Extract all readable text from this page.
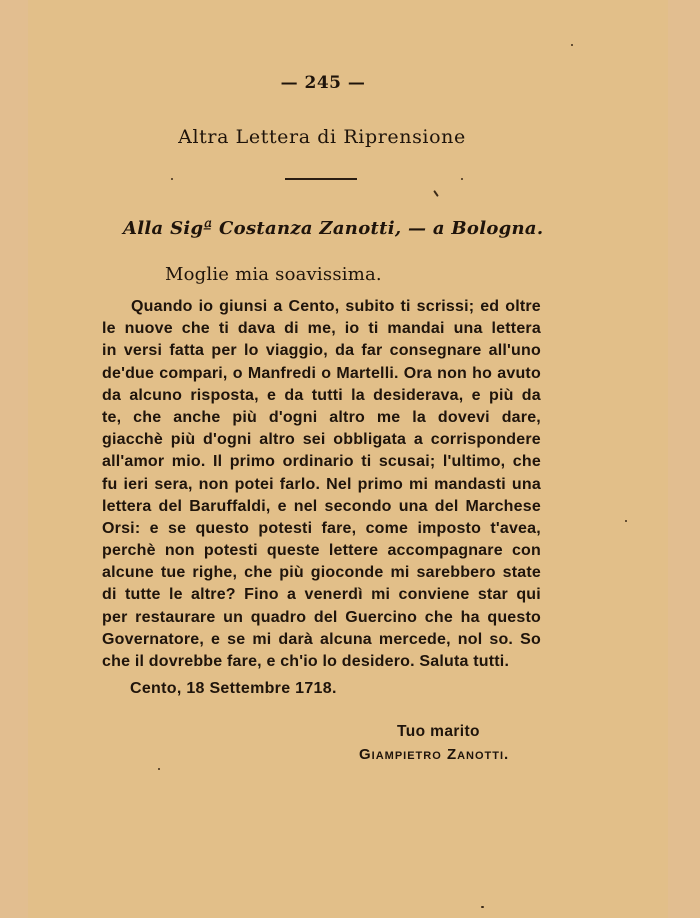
— 245 —
Altra Lettera di Riprensione
Alla Sigª Costanza Zanotti, — a Bologna.
Moglie mia soavissima.
Quando io giunsi a Cento, subito ti scrissi; ed oltre
le nuove che ti dava di me, io ti mandai una lettera
in versi fatta per lo viaggio, da far consegnare all'uno
de'due compari, o Manfredi o Martelli. Ora non ho avuto
da alcuno risposta, e da tutti la desiderava, e più da
te, che anche più d'ogni altro me la dovevi dare,
giacchè più d'ogni altro sei obbligata a corrispondere
all'amor mio. Il primo ordinario ti scusai; l'ultimo, che
fu ieri sera, non potei farlo. Nel primo mi mandasti una
lettera del Baruffaldi, e nel secondo una del Marchese
Orsi: e se questo potesti fare, come imposto t'avea,
perchè non potesti queste lettere accompagnare con
alcune tue righe, che più gioconde mi sarebbero state
di tutte le altre? Fino a venerdì mi conviene star qui
per restaurare un quadro del Guercino che ha questo
Governatore, e se mi darà alcuna mercede, nol so. So
che il dovrebbe fare, e ch'io lo desidero. Saluta tutti.
Cento, 18 Settembre 1718.
Tuo marito
Giampietro Zanotti.
